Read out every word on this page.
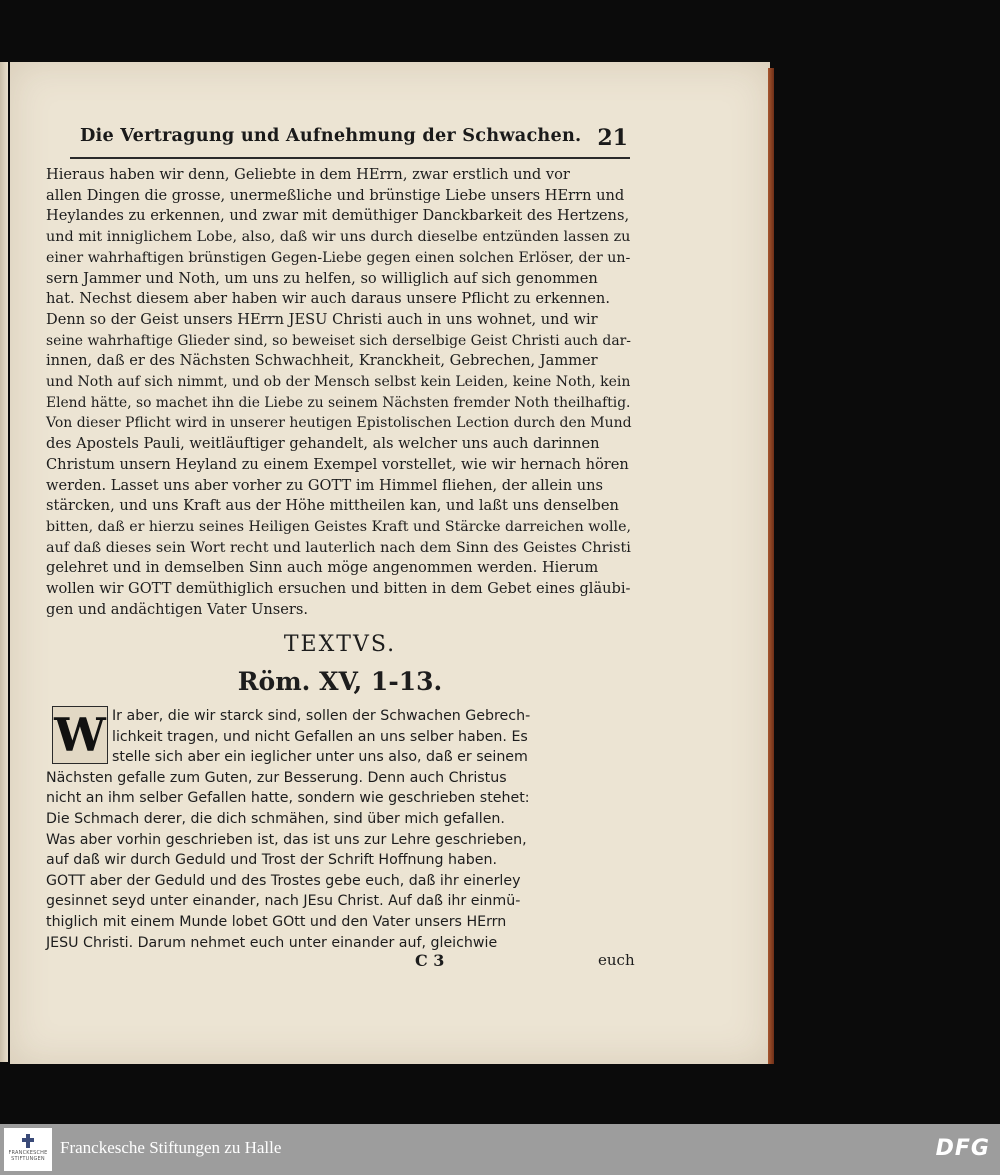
Die Vertragung und Aufnehmung der Schwachen. 21
Hieraus haben wir denn, Geliebte in dem HErrn, zwar erstlich und vor
allen Dingen die grosse, unermeßliche und brünstige Liebe unsers HErrn und
Heylandes zu erkennen, und zwar mit demüthiger Danckbarkeit des Hertzens,
und mit inniglichem Lobe, also, daß wir uns durch dieselbe entzünden lassen zu
einer wahrhaftigen brünstigen Gegen-Liebe gegen einen solchen Erlöser, der un-
sern Jammer und Noth, um uns zu helfen, so williglich auf sich genommen
hat. Nechst diesem aber haben wir auch daraus unsere Pflicht zu erkennen.
Denn so der Geist unsers HErrn JESU Christi auch in uns wohnet, und wir
seine wahrhaftige Glieder sind, so beweiset sich derselbige Geist Christi auch dar-
innen, daß er des Nächsten Schwachheit, Kranckheit, Gebrechen, Jammer
und Noth auf sich nimmt, und ob der Mensch selbst kein Leiden, keine Noth, kein
Elend hätte, so machet ihn die Liebe zu seinem Nächsten fremder Noth theilhaftig.
Von dieser Pflicht wird in unserer heutigen Epistolischen Lection durch den Mund
des Apostels Pauli, weitläuftiger gehandelt, als welcher uns auch darinnen
Christum unsern Heyland zu einem Exempel vorstellet, wie wir hernach hören
werden. Lasset uns aber vorher zu GOTT im Himmel fliehen, der allein uns
stärcken, und uns Kraft aus der Höhe mittheilen kan, und laßt uns denselben
bitten, daß er hierzu seines Heiligen Geistes Kraft und Stärcke darreichen wolle,
auf daß dieses sein Wort recht und lauterlich nach dem Sinn des Geistes Christi
gelehret und in demselben Sinn auch möge angenommen werden. Hierum
wollen wir GOTT demüthiglich ersuchen und bitten in dem Gebet eines gläubi-
gen und andächtigen Vater Unsers.
TEXTVS.
Röm. XV, 1-13.
Ir aber, die wir starck sind, sollen der Schwachen Gebrech-
lichkeit tragen, und nicht Gefallen an uns selber haben. Es
stelle sich aber ein ieglicher unter uns also, daß er seinem
Nächsten gefalle zum Guten, zur Besserung. Denn auch Christus
nicht an ihm selber Gefallen hatte, sondern wie geschrieben stehet:
Die Schmach derer, die dich schmähen, sind über mich gefallen.
Was aber vorhin geschrieben ist, das ist uns zur Lehre geschrieben,
auf daß wir durch Geduld und Trost der Schrift Hoffnung haben.
GOTT aber der Geduld und des Trostes gebe euch, daß ihr einerley
gesinnet seyd unter einander, nach JEsu Christ. Auf daß ihr einmü-
thiglich mit einem Munde lobet GOtt und den Vater unsers HErrn
JESU Christi. Darum nehmet euch unter einander auf, gleichwie
W
C 3	euch
FRANCKESCHE
STIFTUNGEN
Franckesche Stiftungen zu Halle	DFG
